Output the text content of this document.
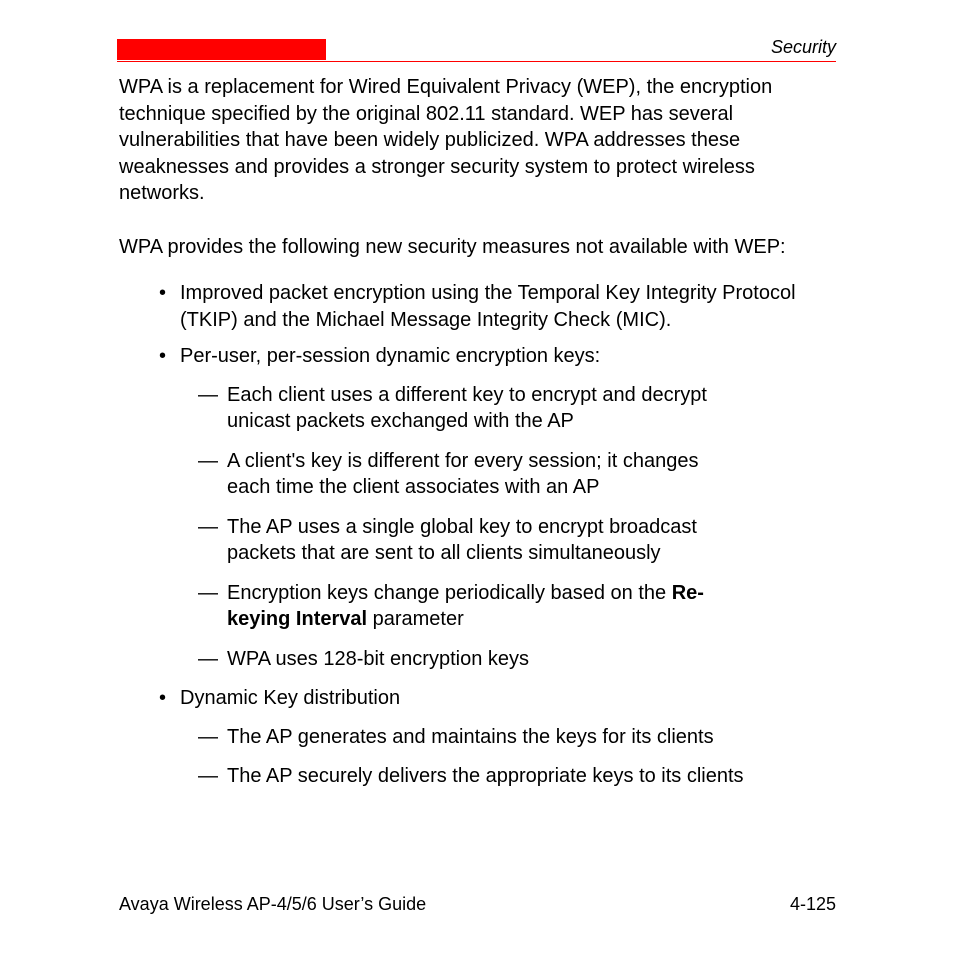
Security

WPA is a replacement for Wired Equivalent Privacy (WEP), the encryption technique specified by the original 802.11 standard. WEP has several vulnerabilities that have been widely publicized. WPA addresses these weaknesses and provides a stronger security system to protect wireless networks.

WPA provides the following new security measures not available with WEP:

• Improved packet encryption using the Temporal Key Integrity Protocol (TKIP) and the Michael Message Integrity Check (MIC).
• Per-user, per-session dynamic encryption keys:
— Each client uses a different key to encrypt and decrypt unicast packets exchanged with the AP
— A client's key is different for every session; it changes each time the client associates with an AP
— The AP uses a single global key to encrypt broadcast packets that are sent to all clients simultaneously
— Encryption keys change periodically based on the Re-keying Interval parameter
— WPA uses 128-bit encryption keys
• Dynamic Key distribution
— The AP generates and maintains the keys for its clients
— The AP securely delivers the appropriate keys to its clients
Avaya Wireless AP-4/5/6 User’s Guide	4-125
